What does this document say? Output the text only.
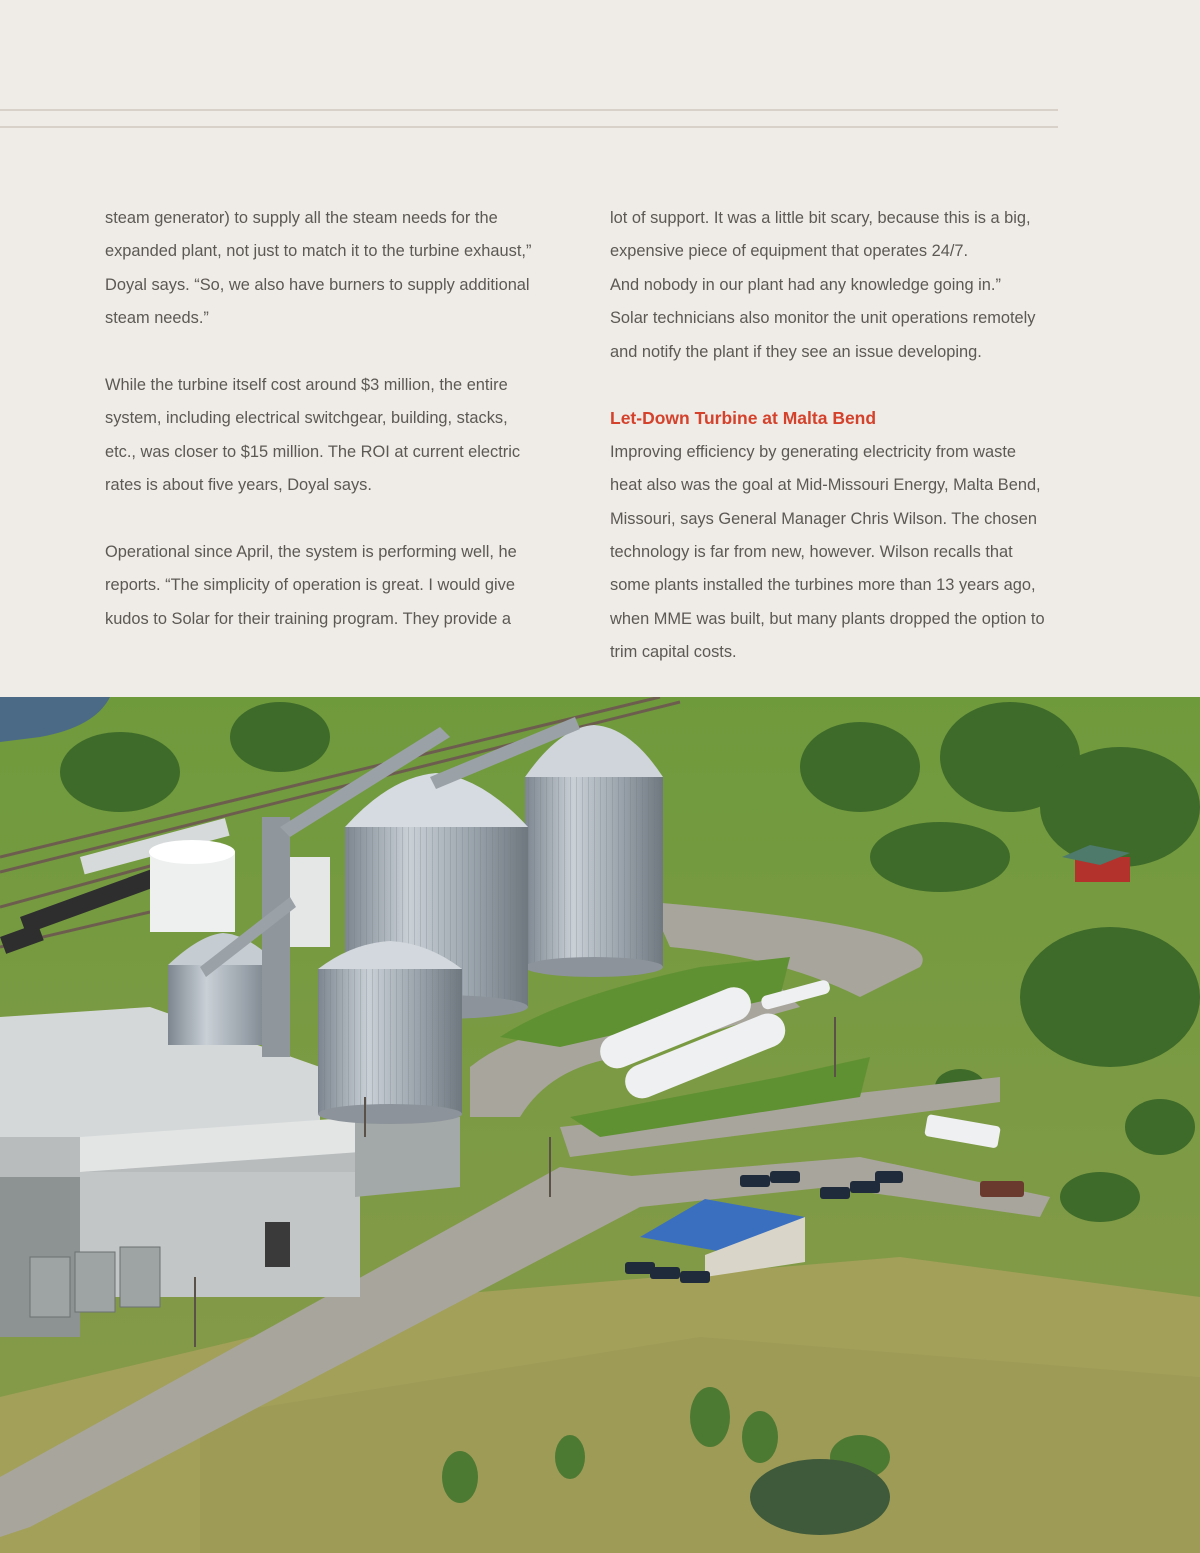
steam generator) to supply all the steam needs for the
expanded plant, not just to match it to the turbine exhaust,”
Doyal says. “So, we also have burners to supply additional
steam needs.”

While the turbine itself cost around $3 million, the entire
system, including electrical switchgear, building, stacks,
etc., was closer to $15 million. The ROI at current electric
rates is about five years, Doyal says.

Operational since April, the system is performing well, he
reports. “The simplicity of operation is great. I would give
kudos to Solar for their training program. They provide a

lot of support. It was a little bit scary, because this is a big,
expensive piece of equipment that operates 24/7.
And nobody in our plant had any knowledge going in.”
Solar technicians also monitor the unit operations remotely
and notify the plant if they see an issue developing.

Let-Down Turbine at Malta Bend

Improving efficiency by generating electricity from waste
heat also was the goal at Mid-Missouri Energy, Malta Bend,
Missouri, says General Manager Chris Wilson. The chosen
technology is far from new, however. Wilson recalls that
some plants installed the turbines more than 13 years ago,
when MME was built, but many plants dropped the option to
trim capital costs.
